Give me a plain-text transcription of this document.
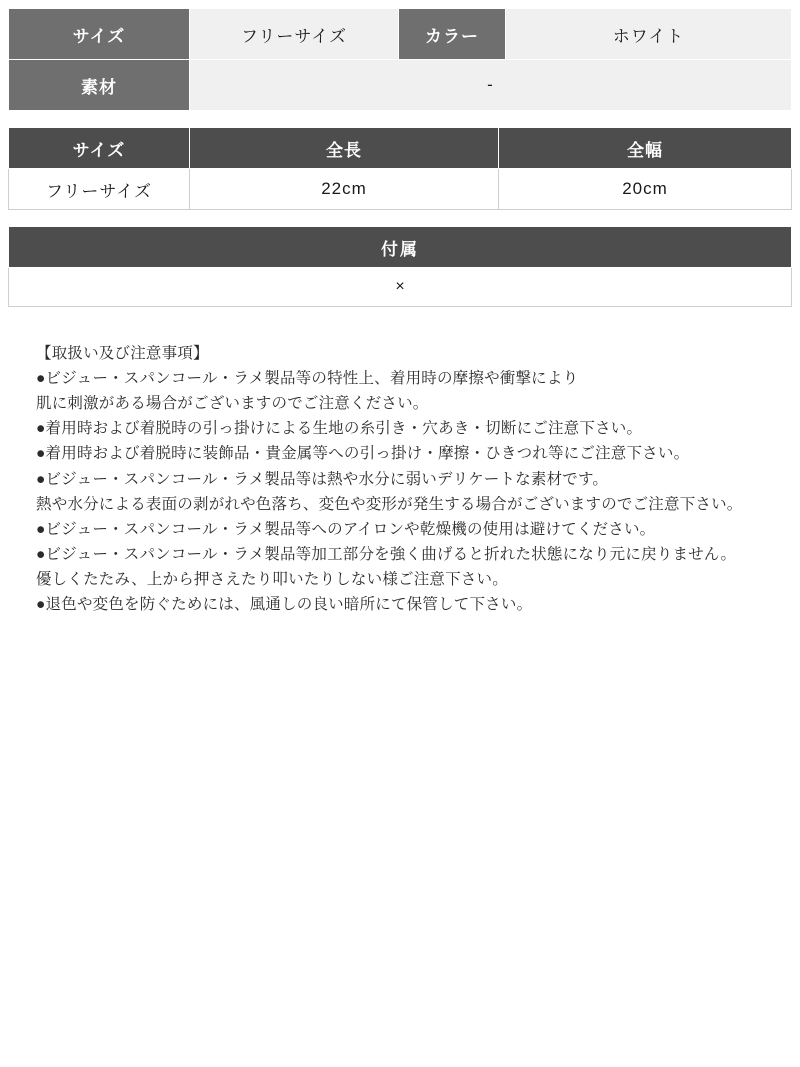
サイズ	フリーサイズ	カラー	ホワイト
素材	-		
サイズ	全長	全幅
フリーサイズ	22cm	20cm
付属
×

【取扱い及び注意事項】

●ビジュー・スパンコール・ラメ製品等の特性上、着用時の摩擦や衝撃により

肌に刺激がある場合がございますのでご注意ください。

●着用時および着脱時の引っ掛けによる生地の糸引き・穴あき・切断にご注意下さい。

●着用時および着脱時に装飾品・貴金属等への引っ掛け・摩擦・ひきつれ等にご注意下さい。

●ビジュー・スパンコール・ラメ製品等は熱や水分に弱いデリケートな素材です。

熱や水分による表面の剥がれや色落ち、変色や変形が発生する場合がございますのでご注意下さい。

●ビジュー・スパンコール・ラメ製品等へのアイロンや乾燥機の使用は避けてください。

●ビジュー・スパンコール・ラメ製品等加工部分を強く曲げると折れた状態になり元に戻りません。

優しくたたみ、上から押さえたり叩いたりしない様ご注意下さい。

●退色や変色を防ぐためには、風通しの良い暗所にて保管して下さい。
